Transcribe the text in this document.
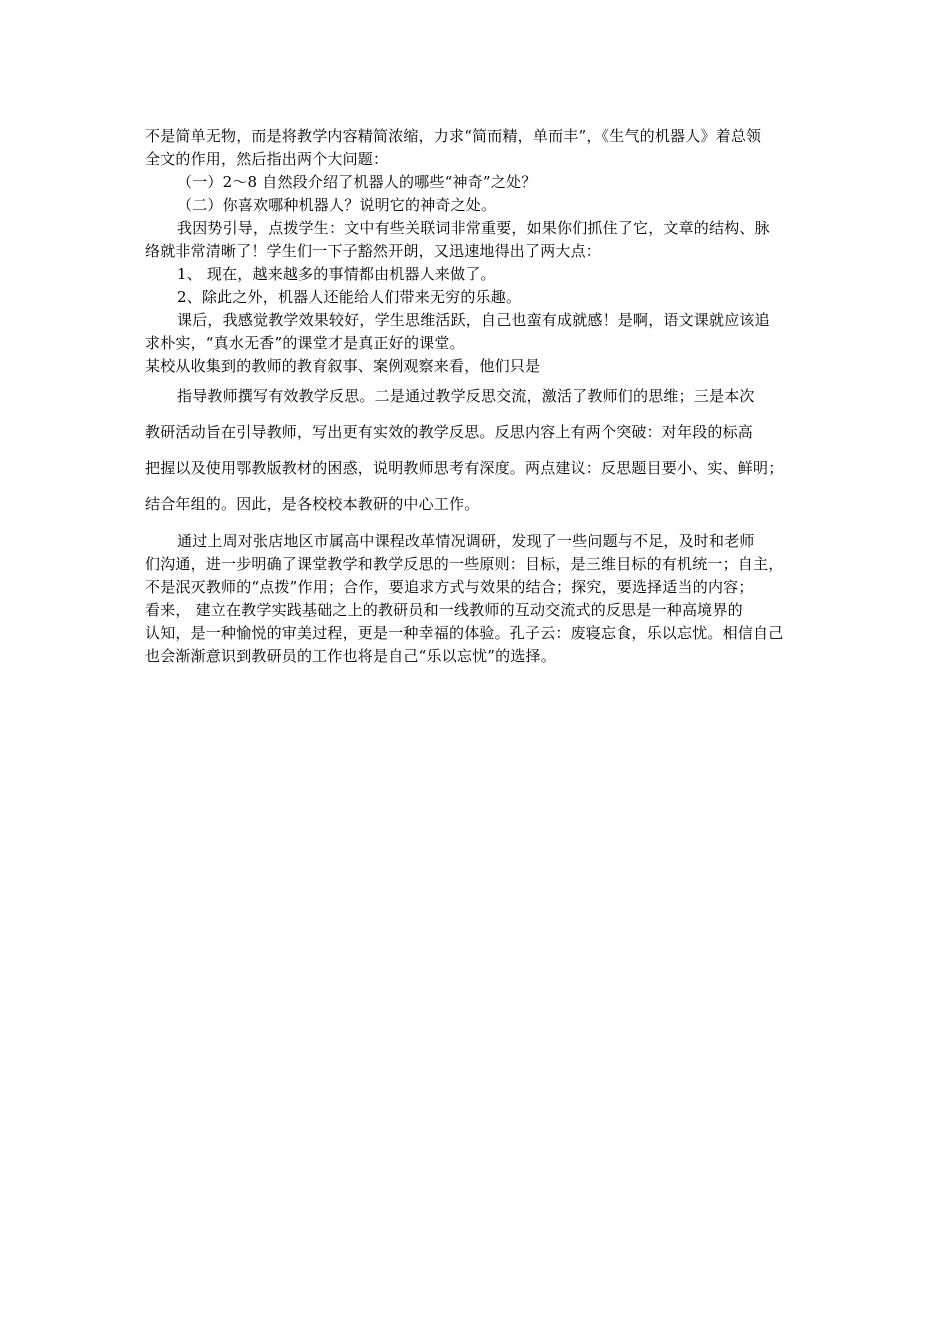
不是简单无物，而是将教学内容精简浓缩，力求“简而精，单而丰”，《生气的机器人》着总领
全文的作用，然后指出两个大问题：
（一）2～8 自然段介绍了机器人的哪些“神奇”之处？
（二）你喜欢哪种机器人？说明它的神奇之处。
我因势引导，点拨学生：文中有些关联词非常重要，如果你们抓住了它，文章的结构、脉
络就非常清晰了！学生们一下子豁然开朗，又迅速地得出了两大点：
1、 现在，越来越多的事情都由机器人来做了。
2、除此之外，机器人还能给人们带来无穷的乐趣。
课后，我感觉教学效果较好，学生思维活跃，自己也蛮有成就感！是啊，语文课就应该追
求朴实，“真水无香”的课堂才是真正好的课堂。
某校从收集到的教师的教育叙事、案例观察来看，他们只是
指导教师撰写有效教学反思。二是通过教学反思交流，激活了教师们的思维；三是本次
教研活动旨在引导教师，写出更有实效的教学反思。反思内容上有两个突破：对年段的标高
把握以及使用鄂教版教材的困惑，说明教师思考有深度。两点建议：反思题目要小、实、鲜明；
结合年组的。因此，是各校校本教研的中心工作。
通过上周对张店地区市属高中课程改革情况调研，发现了一些问题与不足，及时和老师
们沟通，进一步明确了课堂教学和教学反思的一些原则：目标，是三维目标的有机统一；自主，
不是泯灭教师的“点拨”作用；合作，要追求方式与效果的结合；探究，要选择适当的内容；
看来， 建立在教学实践基础之上的教研员和一线教师的互动交流式的反思是一种高境界的
认知，是一种愉悦的审美过程，更是一种幸福的体验。孔子云：废寝忘食，乐以忘忧。相信自己
也会渐渐意识到教研员的工作也将是自己“乐以忘忧”的选择。
